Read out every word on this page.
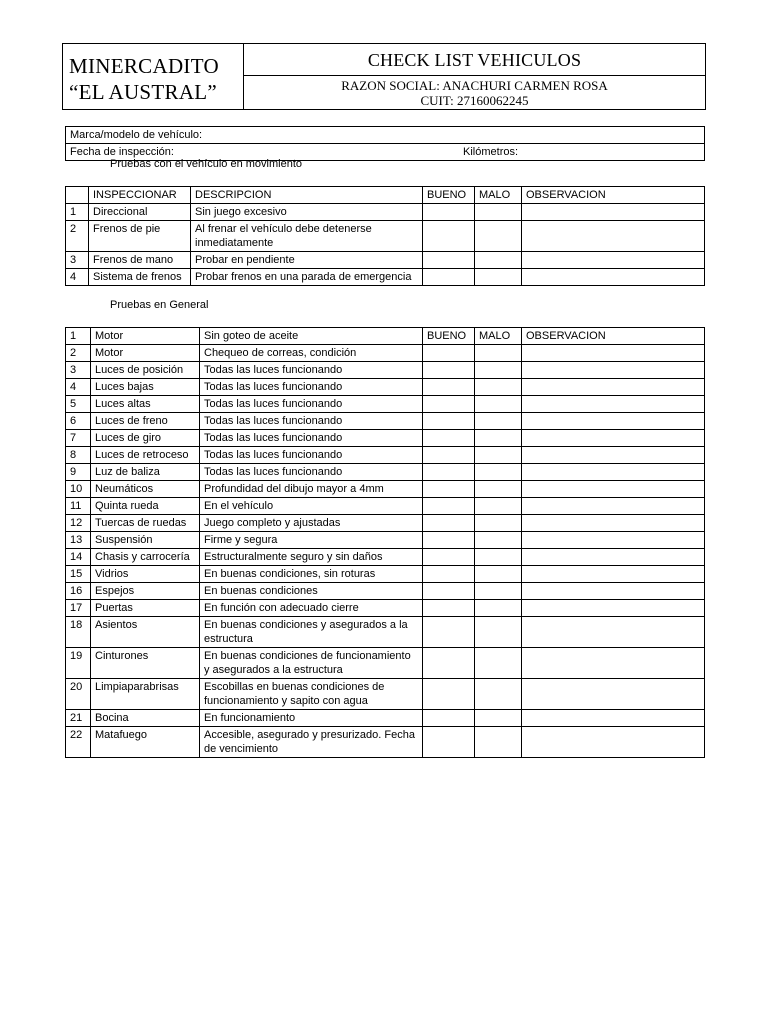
MINERCADITO
“EL AUSTRAL”
CHECK LIST VEHICULOS
RAZON SOCIAL: ANACHURI CARMEN ROSA
CUIT: 27160062245
Marca/modelo de vehículo:
Fecha de inspección:	Kilómetros:
Pruebas con el vehículo en movimiento
	INSPECCIONAR	DESCRIPCION	BUENO	MALO	OBSERVACION
1	Direccional	Sin juego excesivo			
2	Frenos de pie	Al frenar el vehículo debe detenerse inmediatamente			
3	Frenos de mano	Probar en pendiente			
4	Sistema de frenos	Probar frenos en una parada de emergencia			
Pruebas en General
1	Motor	Sin goteo de aceite	BUENO	MALO	OBSERVACION
2	Motor	Chequeo de correas, condición			
3	Luces de posición	Todas las luces funcionando			
4	Luces bajas	Todas las luces funcionando			
5	Luces altas	Todas las luces funcionando			
6	Luces de freno	Todas las luces funcionando			
7	Luces de giro	Todas las luces funcionando			
8	Luces de retroceso	Todas las luces funcionando			
9	Luz de baliza	Todas las luces funcionando			
10	Neumáticos	Profundidad del dibujo mayor a 4mm			
11	Quinta rueda	En el vehículo			
12	Tuercas de ruedas	Juego completo y ajustadas			
13	Suspensión	Firme y segura			
14	Chasis y carrocería	Estructuralmente seguro y sin daños			
15	Vidrios	En buenas condiciones, sin roturas			
16	Espejos	En buenas condiciones			
17	Puertas	En función con adecuado cierre			
18	Asientos	En buenas condiciones y asegurados a la estructura			
19	Cinturones	En buenas condiciones de funcionamiento y asegurados a la estructura			
20	Limpiaparabrisas	Escobillas en buenas condiciones de funcionamiento y sapito con agua			
21	Bocina	En funcionamiento			
22	Matafuego	Accesible, asegurado y presurizado. Fecha de vencimiento			
